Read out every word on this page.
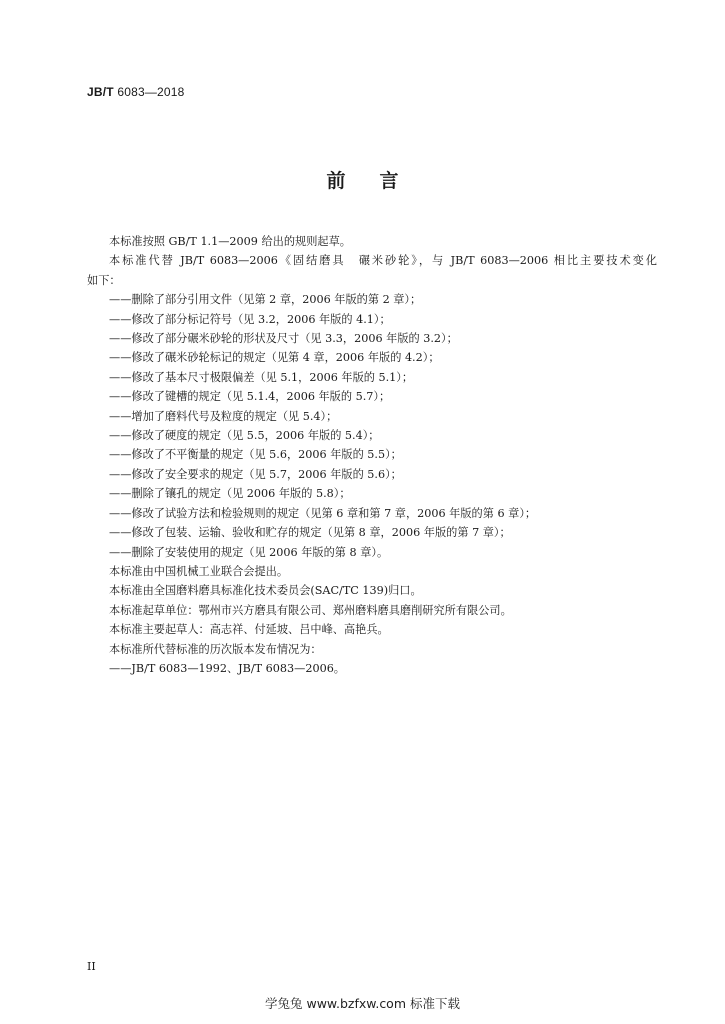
JB/T 6083—2018
前言

本标准按照 GB/T 1.1—2009 给出的规则起草。

本标准代替 JB/T 6083—2006《固结磨具　碾米砂轮》，与 JB/T 6083—2006 相比主要技术变化

如下：

——删除了部分引用文件（见第 2 章，2006 年版的第 2 章）；

——修改了部分标记符号（见 3.2，2006 年版的 4.1）；

——修改了部分碾米砂轮的形状及尺寸（见 3.3，2006 年版的 3.2）；

——修改了碾米砂轮标记的规定（见第 4 章，2006 年版的 4.2）；

——修改了基本尺寸极限偏差（见 5.1，2006 年版的 5.1）；

——修改了键槽的规定（见 5.1.4，2006 年版的 5.7）；

——增加了磨料代号及粒度的规定（见 5.4）；

——修改了硬度的规定（见 5.5，2006 年版的 5.4）；

——修改了不平衡量的规定（见 5.6，2006 年版的 5.5）；

——修改了安全要求的规定（见 5.7，2006 年版的 5.6）；

——删除了镶孔的规定（见 2006 年版的 5.8）；

——修改了试验方法和检验规则的规定（见第 6 章和第 7 章，2006 年版的第 6 章）；

——修改了包装、运输、验收和贮存的规定（见第 8 章，2006 年版的第 7 章）；

——删除了安装使用的规定（见 2006 年版的第 8 章）。

本标准由中国机械工业联合会提出。

本标准由全国磨料磨具标准化技术委员会(SAC/TC 139)归口。

本标准起草单位：鄂州市兴方磨具有限公司、郑州磨料磨具磨削研究所有限公司。

本标准主要起草人：高志祥、付延坡、吕中峰、高艳兵。

本标准所代替标准的历次版本发布情况为：

——JB/T 6083—1992、JB/T 6083—2006。

II
学兔兔 www.bzfxw.com 标准下载
